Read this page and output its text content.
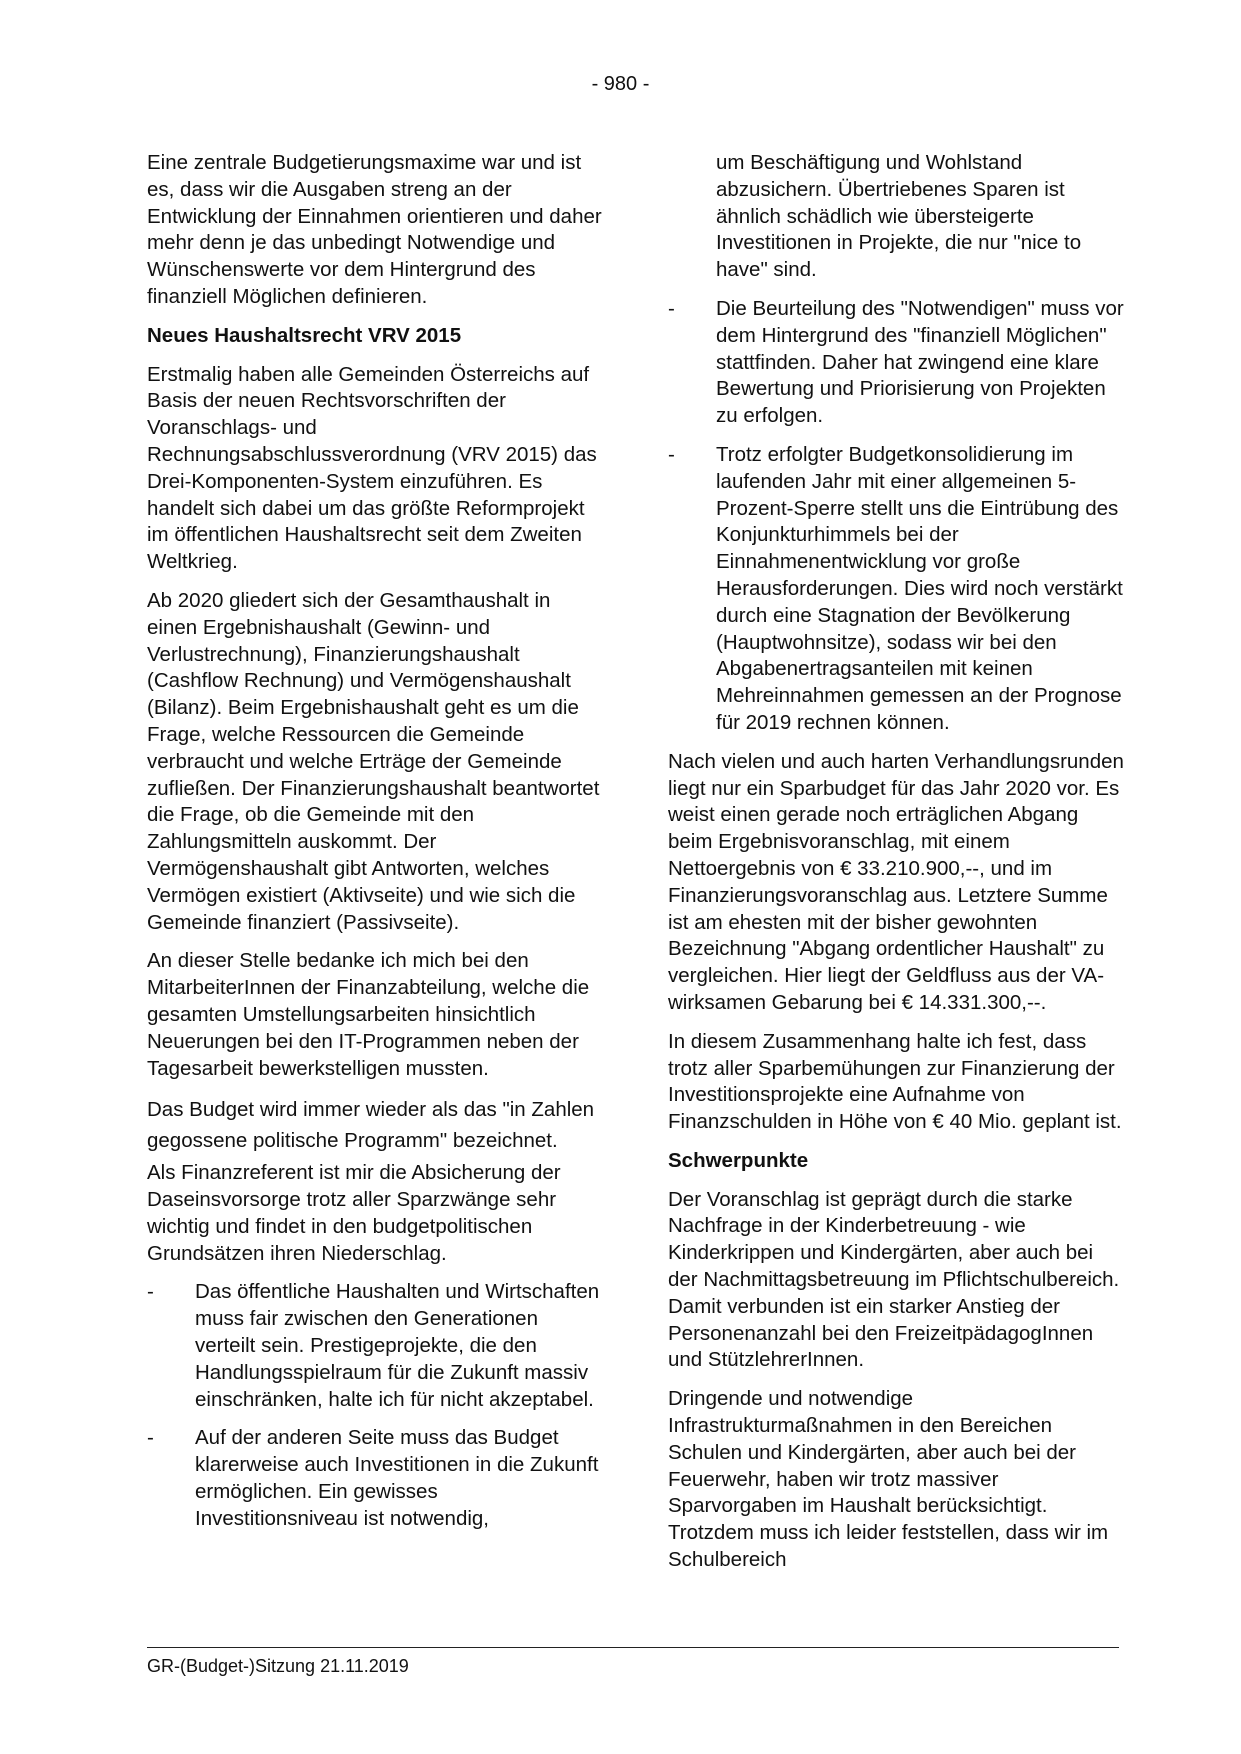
- 980 -

Eine zentrale Budgetierungsmaxime war und ist es, dass wir die Ausgaben streng an der Entwicklung der Einnahmen orientieren und daher mehr denn je das unbedingt Notwendige und Wünschenswerte vor dem Hintergrund des finanziell Möglichen definieren.

Neues Haushaltsrecht VRV 2015

Erstmalig haben alle Gemeinden Österreichs auf Basis der neuen Rechtsvorschriften der Voranschlags- und Rechnungsabschlussverordnung (VRV 2015) das Drei-Komponenten-System einzuführen. Es handelt sich dabei um das größte Reformprojekt im öffentlichen Haushaltsrecht seit dem Zweiten Weltkrieg.

Ab 2020 gliedert sich der Gesamthaushalt in einen Ergebnishaushalt (Gewinn- und Verlustrechnung), Finanzierungshaushalt (Cashflow Rechnung) und Vermögenshaushalt (Bilanz). Beim Ergebnishaushalt geht es um die Frage, welche Ressourcen die Gemeinde verbraucht und welche Erträge der Gemeinde zufließen. Der Finanzierungshaushalt beantwortet die Frage, ob die Gemeinde mit den Zahlungsmitteln auskommt. Der Vermögenshaushalt gibt Antworten, welches Vermögen existiert (Aktivseite) und wie sich die Gemeinde finanziert (Passivseite).

An dieser Stelle bedanke ich mich bei den MitarbeiterInnen der Finanzabteilung, welche die gesamten Umstellungsarbeiten hinsichtlich Neuerungen bei den IT-Programmen neben der Tagesarbeit bewerkstelligen mussten.

Das Budget wird immer wieder als das "in Zahlen gegossene politische Programm" bezeichnet.

Als Finanzreferent ist mir die Absicherung der Daseinsvorsorge trotz aller Sparzwänge sehr wichtig und findet in den budgetpolitischen Grundsätzen ihren Niederschlag.

- Das öffentliche Haushalten und Wirtschaften muss fair zwischen den Generationen verteilt sein. Prestigeprojekte, die den Handlungsspielraum für die Zukunft massiv einschränken, halte ich für nicht akzeptabel.
- Auf der anderen Seite muss das Budget klarerweise auch Investitionen in die Zukunft ermöglichen. Ein gewisses Investitionsniveau ist notwendig,
um Beschäftigung und Wohlstand abzusichern. Übertriebenes Sparen ist ähnlich schädlich wie übersteigerte Investitionen in Projekte, die nur "nice to have" sind.
- Die Beurteilung des "Notwendigen" muss vor dem Hintergrund des "finanziell Möglichen" stattfinden. Daher hat zwingend eine klare Bewertung und Priorisierung von Projekten zu erfolgen.
- Trotz erfolgter Budgetkonsolidierung im laufenden Jahr mit einer allgemeinen 5-Prozent-Sperre stellt uns die Eintrübung des Konjunkturhimmels bei der Einnahmenentwicklung vor große Herausforderungen. Dies wird noch verstärkt durch eine Stagnation der Bevölkerung (Hauptwohnsitze), sodass wir bei den Abgabenertragsanteilen mit keinen Mehreinnahmen gemessen an der Prognose für 2019 rechnen können.

Nach vielen und auch harten Verhandlungsrunden liegt nur ein Sparbudget für das Jahr 2020 vor. Es weist einen gerade noch erträglichen Abgang beim Ergebnisvoranschlag, mit einem Nettoergebnis von € 33.210.900,--, und im Finanzierungsvoranschlag aus. Letztere Summe ist am ehesten mit der bisher gewohnten Bezeichnung "Abgang ordentlicher Haushalt" zu vergleichen. Hier liegt der Geldfluss aus der VA-wirksamen Gebarung bei € 14.331.300,--.

In diesem Zusammenhang halte ich fest, dass trotz aller Sparbemühungen zur Finanzierung der Investitionsprojekte eine Aufnahme von Finanzschulden in Höhe von € 40 Mio. geplant ist.

Schwerpunkte

Der Voranschlag ist geprägt durch die starke Nachfrage in der Kinderbetreuung - wie Kinderkrippen und Kindergärten, aber auch bei der Nachmittagsbetreuung im Pflichtschulbereich. Damit verbunden ist ein starker Anstieg der Personenanzahl bei den FreizeitpädagogInnen und StützlehrerInnen.

Dringende und notwendige Infrastrukturmaßnahmen in den Bereichen Schulen und Kindergärten, aber auch bei der Feuerwehr, haben wir trotz massiver Sparvorgaben im Haushalt berücksichtigt. Trotzdem muss ich leider feststellen, dass wir im Schulbereich

GR-(Budget-)Sitzung 21.11.2019
